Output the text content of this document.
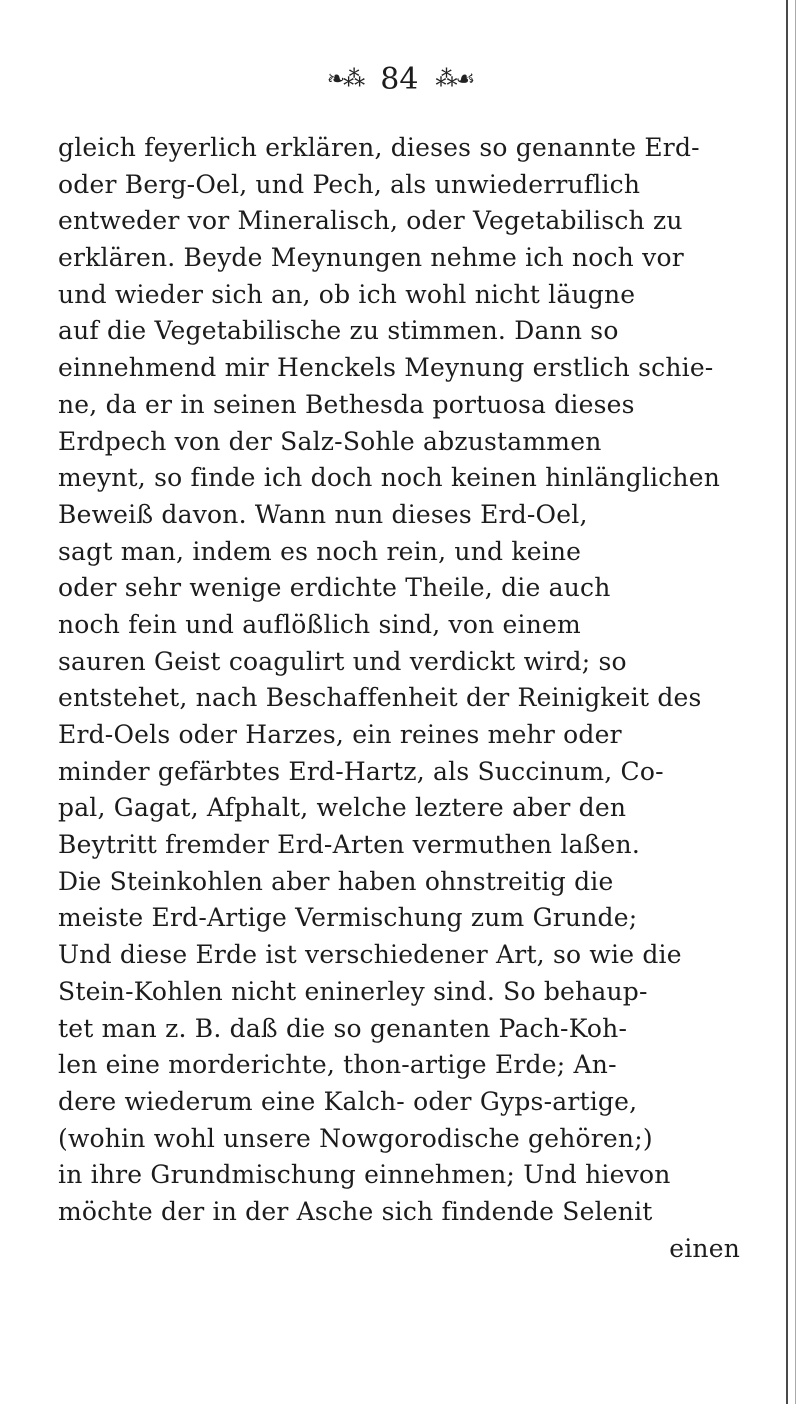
❧⁂ 84 ⁂☙
gleich feyerlich erklären, dieses so genannte Erd-
oder Berg-Oel, und Pech, als unwiederruflich
entweder vor Mineralisch, oder Vegetabilisch zu
erklären. Beyde Meynungen nehme ich noch vor
und wieder sich an, ob ich wohl nicht läugne
auf die Vegetabilische zu stimmen. Dann so
einnehmend mir Henckels Meynung erstlich schie-
ne, da er in seinen Bethesda portuosa dieses
Erdpech von der Salz-Sohle abzustammen
meynt, so finde ich doch noch keinen hinlänglichen
Beweiß davon. Wann nun dieses Erd-Oel,
sagt man, indem es noch rein, und keine
oder sehr wenige erdichte Theile, die auch
noch fein und auflößlich sind, von einem
sauren Geist coagulirt und verdickt wird; so
entstehet, nach Beschaffenheit der Reinigkeit des
Erd-Oels oder Harzes, ein reines mehr oder
minder gefärbtes Erd-Hartz, als Succinum, Co-
pal, Gagat, Afphalt, welche leztere aber den
Beytritt fremder Erd-Arten vermuthen laßen.
Die Steinkohlen aber haben ohnstreitig die
meiste Erd-Artige Vermischung zum Grunde;
Und diese Erde ist verschiedener Art, so wie die
Stein-Kohlen nicht eninerley sind. So behaup-
tet man z. B. daß die so genanten Pach-Koh-
len eine morderichte, thon-artige Erde; An-
dere wiederum eine Kalch- oder Gyps-artige,
(wohin wohl unsere Nowgorodische gehören;)
in ihre Grundmischung einnehmen; Und hievon
möchte der in der Asche sich findende Selenit
einen
